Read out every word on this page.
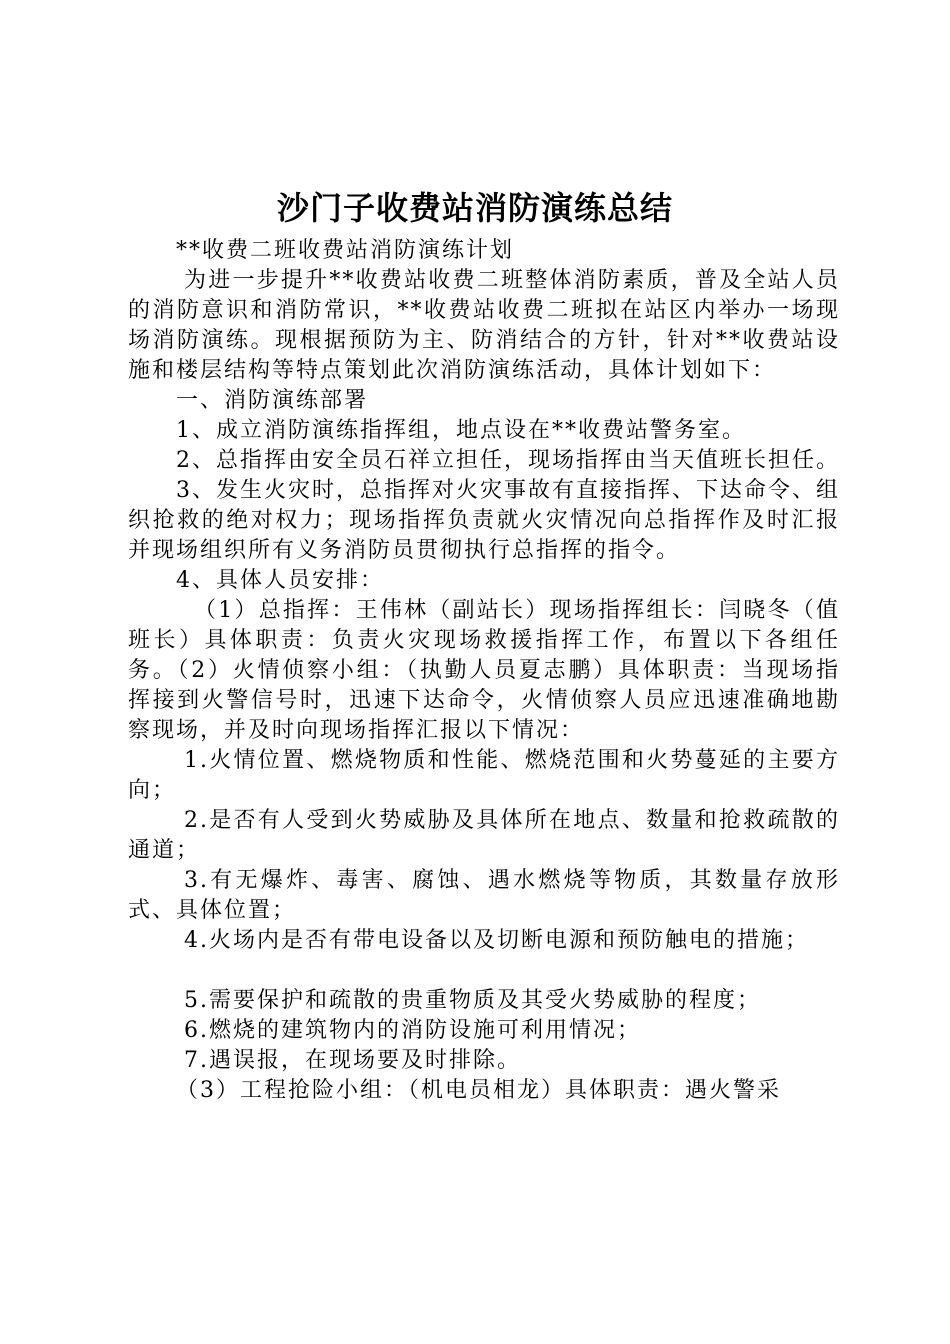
沙门子收费站消防演练总结

**收费二班收费站消防演练计划

为进一步提升**收费站收费二班整体消防素质，普及全站人员的消防意识和消防常识，**收费站收费二班拟在站区内举办一场现场消防演练。现根据预防为主、防消结合的方针，针对**收费站设施和楼层结构等特点策划此次消防演练活动，具体计划如下：

一、消防演练部署

1、成立消防演练指挥组，地点设在**收费站警务室。

2、总指挥由安全员石祥立担任，现场指挥由当天值班长担任。

3、发生火灾时，总指挥对火灾事故有直接指挥、下达命令、组织抢救的绝对权力；现场指挥负责就火灾情况向总指挥作及时汇报并现场组织所有义务消防员贯彻执行总指挥的指令。

4、具体人员安排：

（1）总指挥：王伟林（副站长）现场指挥组长：闫晓冬（值班长）具体职责：负责火灾现场救援指挥工作，布置以下各组任务。（2）火情侦察小组：（执勤人员夏志鹏）具体职责：当现场指挥接到火警信号时，迅速下达命令，火情侦察人员应迅速准确地勘察现场，并及时向现场指挥汇报以下情况：

1.火情位置、燃烧物质和性能、燃烧范围和火势蔓延的主要方向；

2.是否有人受到火势威胁及具体所在地点、数量和抢救疏散的通道；

3.有无爆炸、毒害、腐蚀、遇水燃烧等物质，其数量存放形式、具体位置；

4.火场内是否有带电设备以及切断电源和预防触电的措施；

5.需要保护和疏散的贵重物质及其受火势威胁的程度；

6.燃烧的建筑物内的消防设施可利用情况；

7.遇误报，在现场要及时排除。

（3）工程抢险小组：（机电员相龙）具体职责：遇火警采
